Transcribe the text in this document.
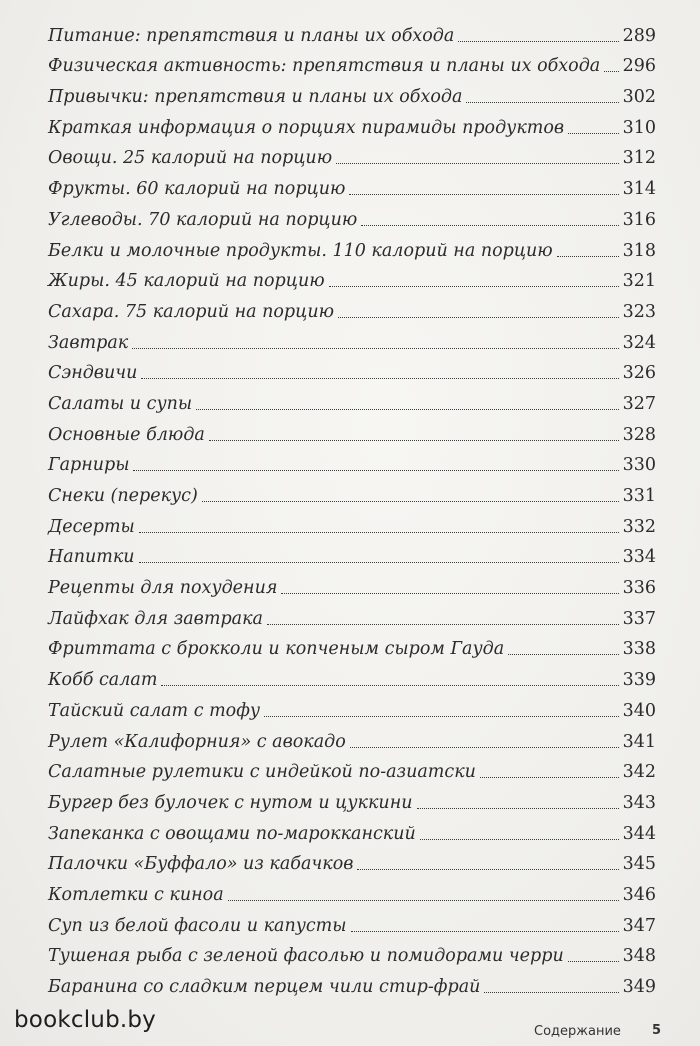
Питание: препятствия и планы их обхода	289
Физическая активность: препятствия и планы их обхода 296
Привычки: препятствия и планы их обхода	302
Краткая информация о порциях пирамиды продуктов	310
Овощи. 25 калорий на порцию	312
Фрукты. 60 калорий на порцию	314
Углеводы. 70 калорий на порцию	316
Белки и молочные продукты. 110 калорий на порцию	318
Жиры. 45 калорий на порцию	321
Сахара. 75 калорий на порцию	323
Завтрак	324
Сэндвичи	326
Салаты и супы	327
Основные блюда	328
Гарниры	330
Снеки (перекус)	331
Десерты	332
Напитки	334
Рецепты для похудения	336
Лайфхак для завтрака	337
Фриттата с брокколи и копченым сыром Гауда	338
Кобб салат	339
Тайский салат с тофу	340
Рулет «Калифорния» с авокадо	341
Салатные рулетики с индейкой по-азиатски	342
Бургер без булочек с нутом и цуккини	343
Запеканка с овощами по-марокканский	344
Палочки «Буффало» из кабачков	345
Котлетки с киноа	346
Суп из белой фасоли и капусты	347
Тушеная рыба с зеленой фасолью и помидорами черри	348
Баранина со сладким перцем чили стир-фрай	349
bookclub.by	Содержание 5
